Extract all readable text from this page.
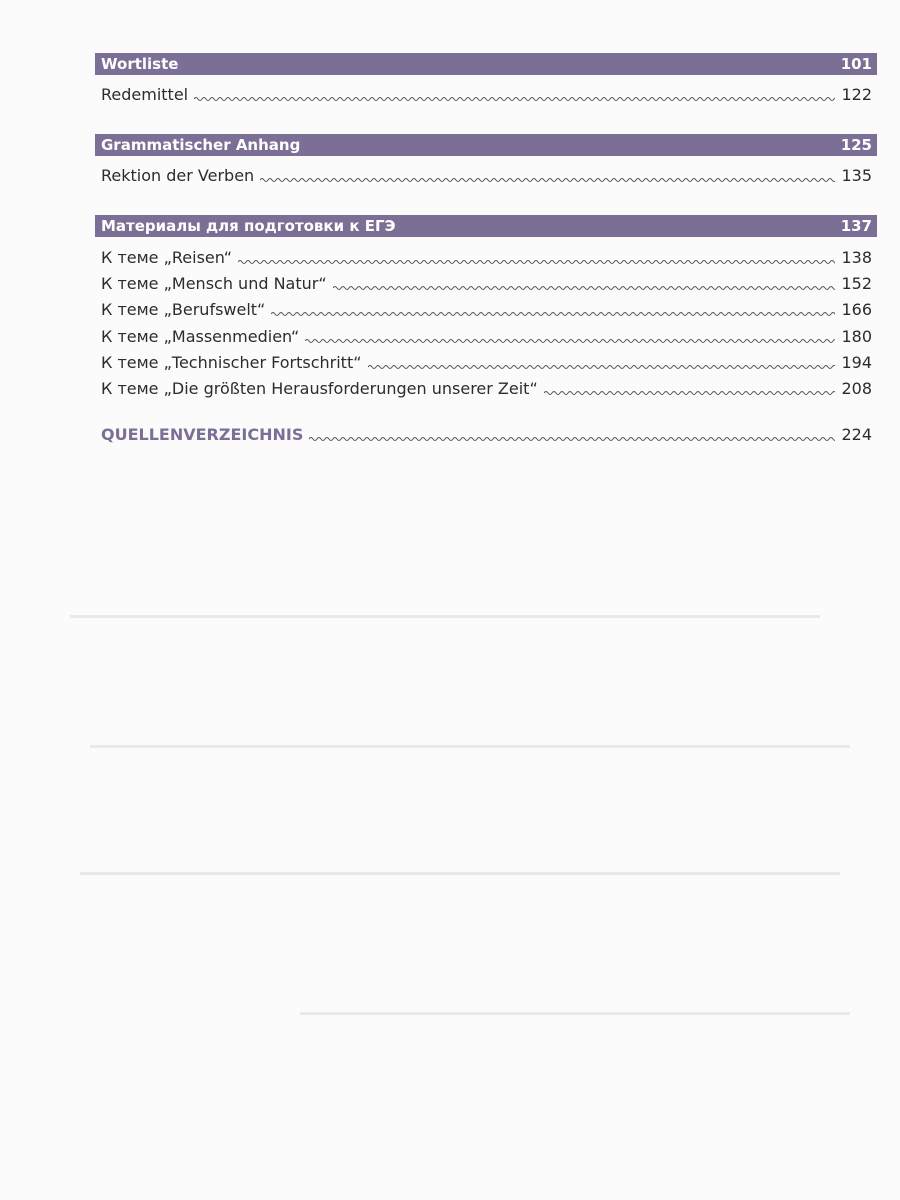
Wortliste	101
Redemittel	122
Grammatischer Anhang	125
Rektion der Verben	135
Материалы для подготовки к ЕГЭ	137
К теме „Reisen“	138
К теме „Mensch und Natur“	152
К теме „Berufswelt“	166
К теме „Massenmedien“	180
К теме „Technischer Fortschritt“	194
К теме „Die größten Herausforderungen unserer Zeit“	208
QUELLENVERZEICHNIS	224
